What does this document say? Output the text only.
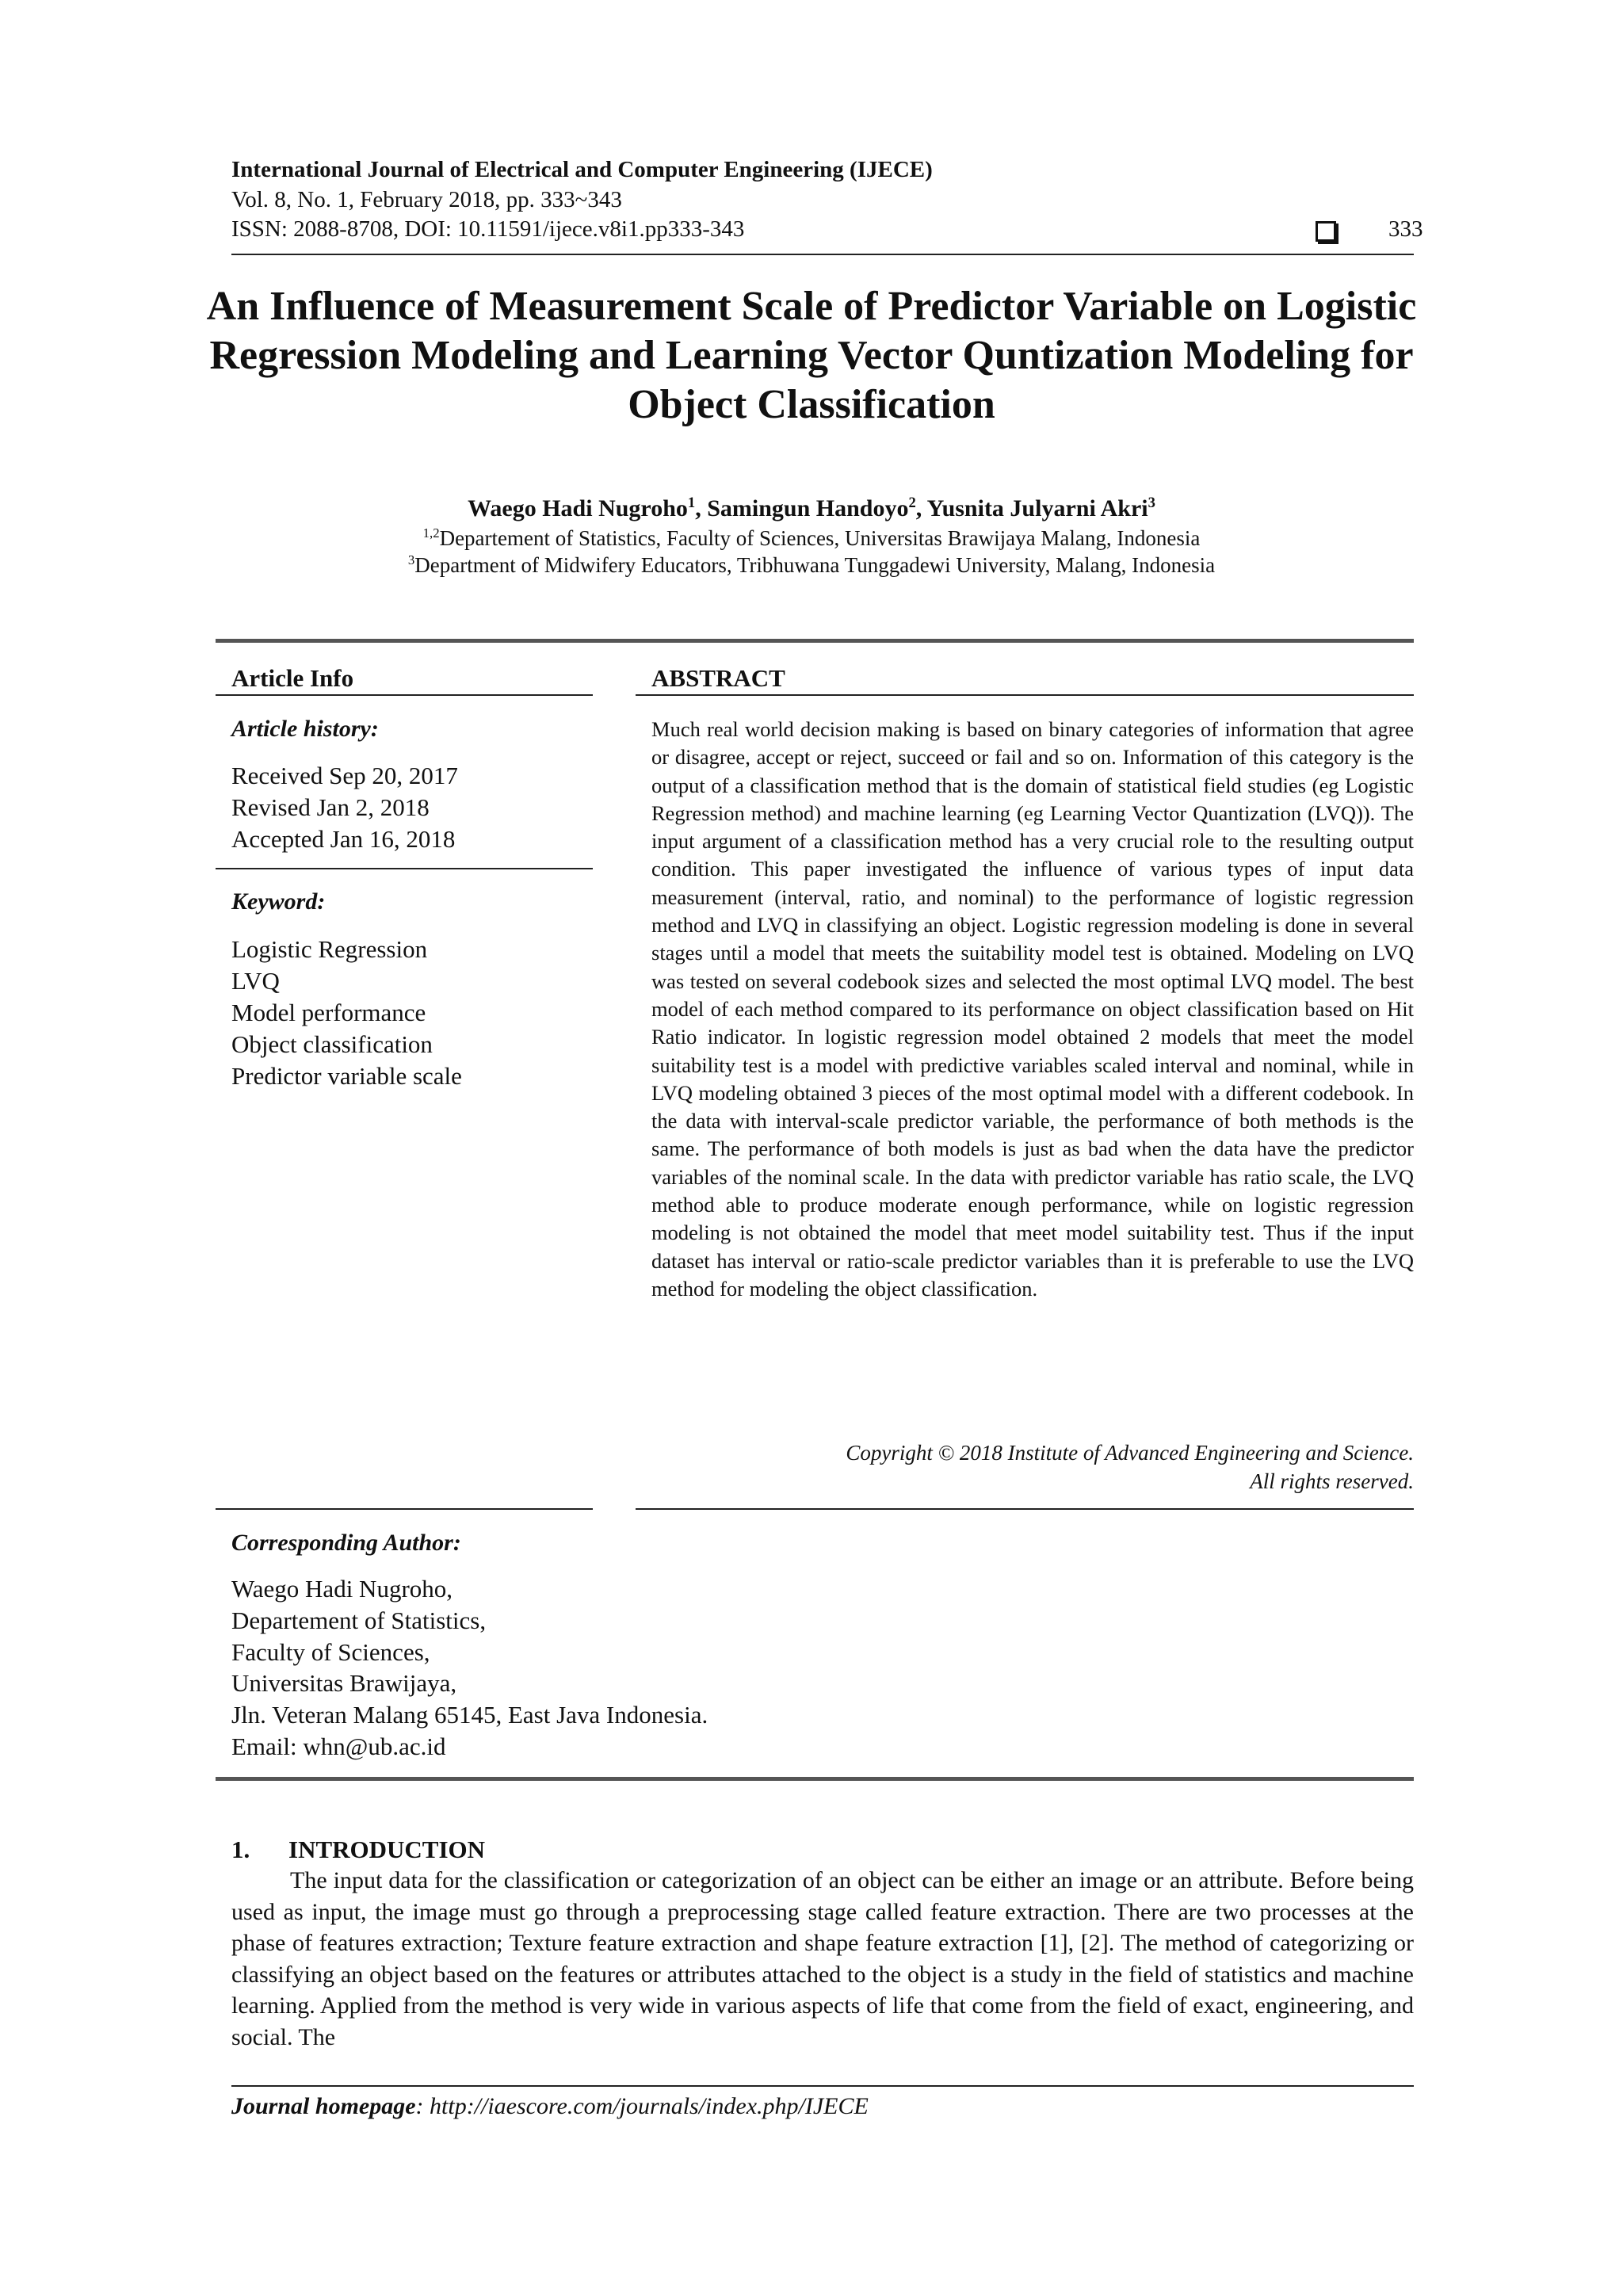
International Journal of Electrical and Computer Engineering (IJECE)
Vol. 8, No. 1, February 2018, pp. 333~343
ISSN: 2088-8708, DOI: 10.11591/ijece.v8i1.pp333-343	333
An Influence of Measurement Scale of Predictor Variable on Logistic Regression Modeling and Learning Vector Quntization Modeling for Object Classification
Waego Hadi Nugroho$^1$, Samingun Handoyo$^2$, Yusnita Julyarni Akri$^3$
$^{1,2}$Departement of Statistics, Faculty of Sciences, Universitas Brawijaya Malang, Indonesia
$^3$Department of Midwifery Educators, Tribhuwana Tunggadewi University, Malang, Indonesia
Article Info
Article history:
Received Sep 20, 2017
Revised Jan 2, 2018
Accepted Jan 16, 2018
Keyword:
Logistic Regression
LVQ
Model performance
Object classification
Predictor variable scale
ABSTRACT
Much real world decision making is based on binary categories of information that agree or disagree, accept or reject, succeed or fail and so on. Information of this category is the output of a classification method that is the domain of statistical field studies (eg Logistic Regression method) and machine learning (eg Learning Vector Quantization (LVQ)). The input argument of a classification method has a very crucial role to the resulting output condition. This paper investigated the influence of various types of input data measurement (interval, ratio, and nominal) to the performance of logistic regression method and LVQ in classifying an object. Logistic regression modeling is done in several stages until a model that meets the suitability model test is obtained. Modeling on LVQ was tested on several codebook sizes and selected the most optimal LVQ model. The best model of each method compared to its performance on object classification based on Hit Ratio indicator. In logistic regression model obtained 2 models that meet the model suitability test is a model with predictive variables scaled interval and nominal, while in LVQ modeling obtained 3 pieces of the most optimal model with a different codebook. In the data with interval-scale predictor variable, the performance of both methods is the same. The performance of both models is just as bad when the data have the predictor variables of the nominal scale. In the data with predictor variable has ratio scale, the LVQ method able to produce moderate enough performance, while on logistic regression modeling is not obtained the model that meet model suitability test. Thus if the input dataset has interval or ratio-scale predictor variables than it is preferable to use the LVQ method for modeling the object classification.
Copyright © 2018 Institute of Advanced Engineering and Science.
All rights reserved.
Corresponding Author:
Waego Hadi Nugroho,
Departement of Statistics,
Faculty of Sciences,
Universitas Brawijaya,
Jln. Veteran Malang 65145, East Java Indonesia.
Email: whn@ub.ac.id
1. INTRODUCTION
The input data for the classification or categorization of an object can be either an image or an attribute. Before being used as input, the image must go through a preprocessing stage called feature extraction. There are two processes at the phase of features extraction; Texture feature extraction and shape feature extraction [1], [2]. The method of categorizing or classifying an object based on the features or attributes attached to the object is a study in the field of statistics and machine learning. Applied from the method is very wide in various aspects of life that come from the field of exact, engineering, and social. The
Journal homepage: http://iaescore.com/journals/index.php/IJECE
